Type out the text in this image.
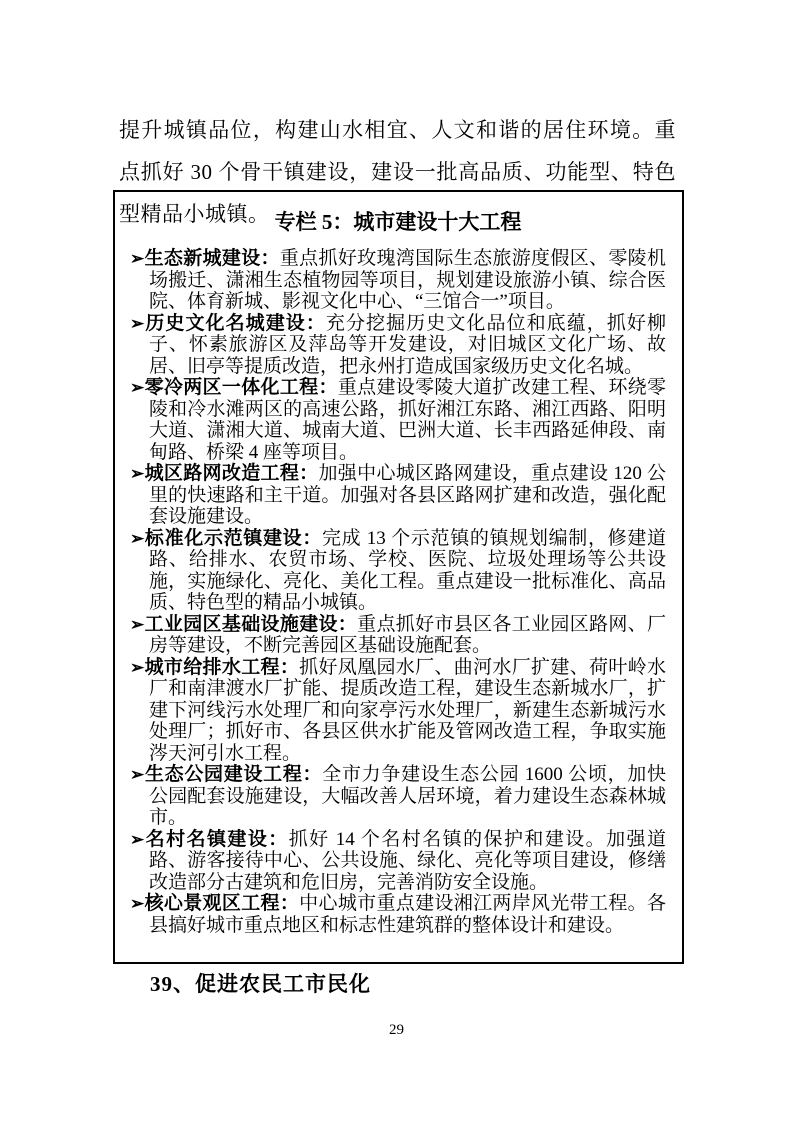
提升城镇品位，构建山水相宜、人文和谐的居住环境。重点抓好 30 个骨干镇建设，建设一批高品质、功能型、特色型精品小城镇。 专栏 5：城市建设十大工程
➢生态新城建设：重点抓好玫瑰湾国际生态旅游度假区、零陵机场搬迁、潇湘生态植物园等项目，规划建设旅游小镇、综合医院、体育新城、影视文化中心、“三馆合一”项目。
➢历史文化名城建设：充分挖掘历史文化品位和底蕴，抓好柳子、怀素旅游区及萍岛等开发建设，对旧城区文化广场、故居、旧亭等提质改造，把永州打造成国家级历史文化名城。
➢零冷两区一体化工程：重点建设零陵大道扩改建工程、环绕零陵和冷水滩两区的高速公路，抓好湘江东路、湘江西路、阳明大道、潇湘大道、城南大道、巴洲大道、长丰西路延伸段、南甸路、桥梁 4 座等项目。
➢城区路网改造工程：加强中心城区路网建设，重点建设 120 公里的快速路和主干道。加强对各县区路网扩建和改造，强化配套设施建设。
➢标准化示范镇建设：完成 13 个示范镇的镇规划编制，修建道路、给排水、农贸市场、学校、医院、垃圾处理场等公共设施，实施绿化、亮化、美化工程。重点建设一批标准化、高品质、特色型的精品小城镇。
➢工业园区基础设施建设：重点抓好市县区各工业园区路网、厂房等建设，不断完善园区基础设施配套。
➢城市给排水工程：抓好凤凰园水厂、曲河水厂扩建、荷叶岭水厂和南津渡水厂扩能、提质改造工程，建设生态新城水厂，扩建下河线污水处理厂和向家亭污水处理厂，新建生态新城污水处理厂；抓好市、各县区供水扩能及管网改造工程，争取实施涔天河引水工程。
➢生态公园建设工程：全市力争建设生态公园 1600 公顷，加快公园配套设施建设，大幅改善人居环境，着力建设生态森林城市。
➢名村名镇建设：抓好 14 个名村名镇的保护和建设。加强道路、游客接待中心、公共设施、绿化、亮化等项目建设，修缮改造部分古建筑和危旧房，完善消防安全设施。
➢核心景观区工程：中心城市重点建设湘江两岸风光带工程。各县搞好城市重点地区和标志性建筑群的整体设计和建设。
39、促进农民工市民化
29
